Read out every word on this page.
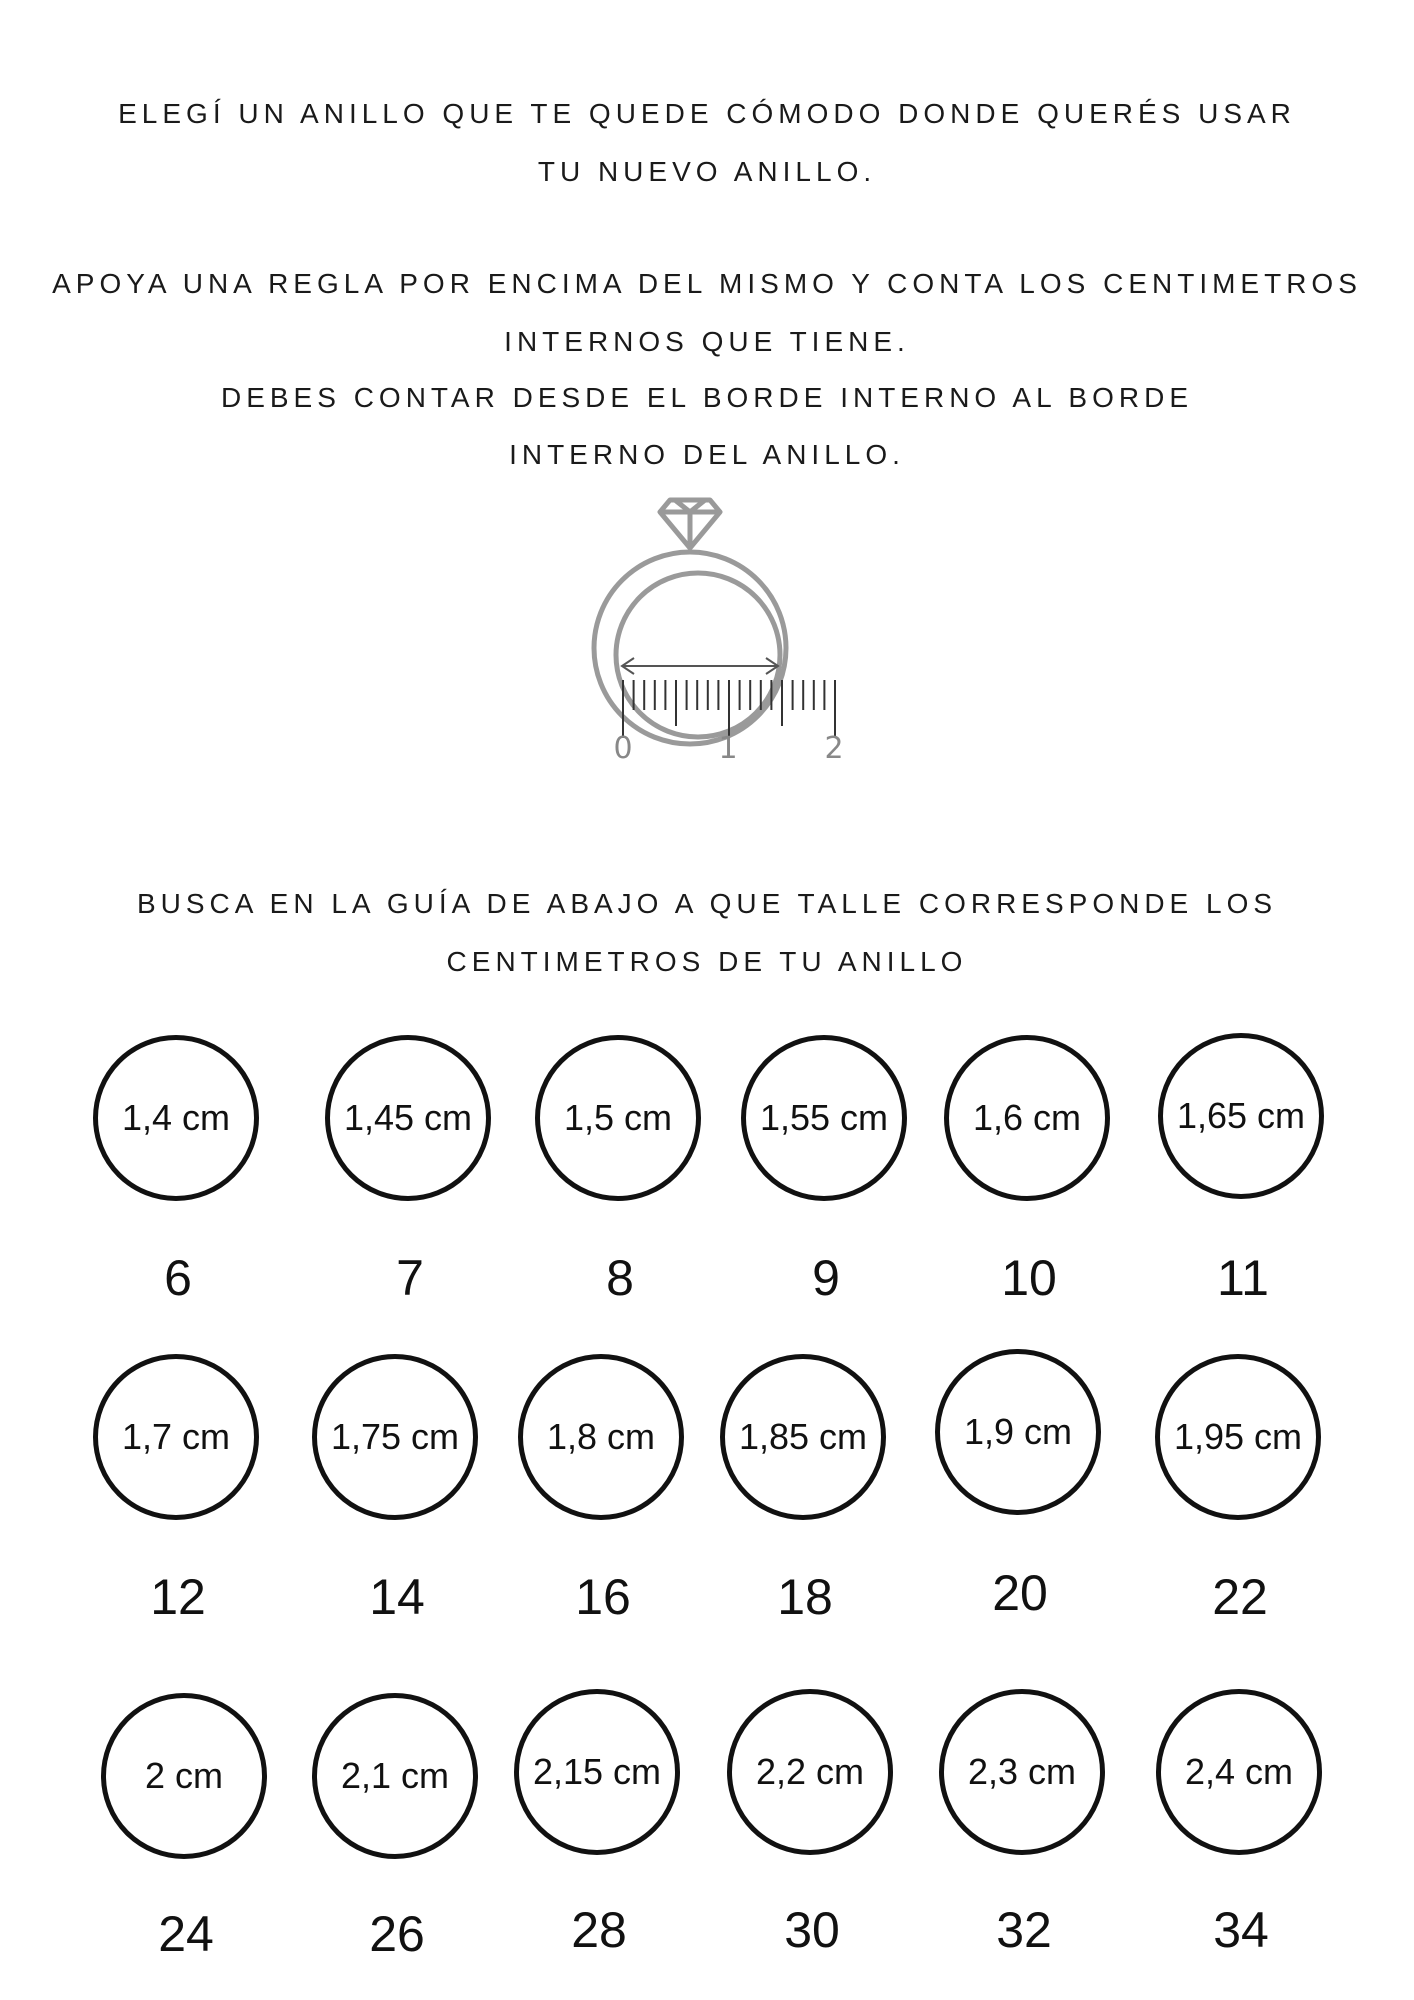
ELEGÍ UN ANILLO QUE TE QUEDE CÓMODO DONDE QUERÉS USAR
TU NUEVO ANILLO.
APOYA UNA REGLA POR ENCIMA DEL MISMO Y CONTA LOS CENTIMETROS
INTERNOS QUE TIENE.
DEBES CONTAR DESDE EL BORDE INTERNO AL BORDE
INTERNO DEL ANILLO.
0	1	2
BUSCA EN LA GUÍA DE ABAJO A QUE TALLE CORRESPONDE LOS
CENTIMETROS DE TU ANILLO
1,4 cm
6
1,45 cm
7
1,5 cm
8
1,55 cm
9
1,6 cm
10
1,65 cm
11
1,7 cm
12
1,75 cm
14
1,8 cm
16
1,85 cm
18
1,9 cm
20
1,95 cm
22
2 cm
24
2,1 cm
26
2,15 cm
28
2,2 cm
30
2,3 cm
32
2,4 cm
34
